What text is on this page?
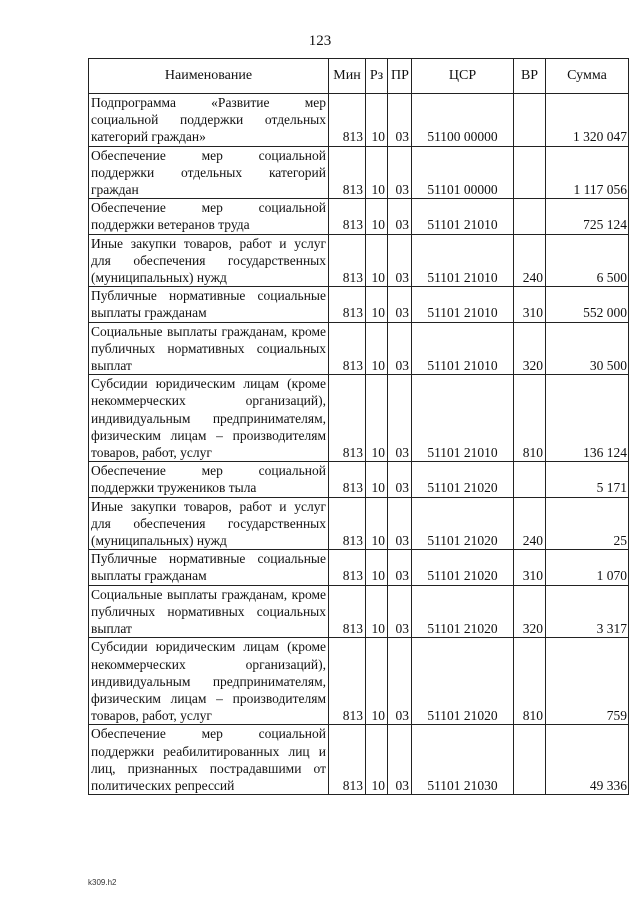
123
Наименование	Мин	Рз	ПР	ЦСР	ВР	Сумма
Подпрограмма «Развитие мер социальной поддержки отдельных категорий граждан»	813	10	03	51100 00000		1 320 047
Обеспечение мер социальной поддержки отдельных категорий граждан	813	10	03	51101 00000		1 117 056
Обеспечение мер социальной поддержки ветеранов труда	813	10	03	51101 21010		725 124
Иные закупки товаров, работ и услуг для обеспечения государственных (муниципальных) нужд	813	10	03	51101 21010	240	6 500
Публичные нормативные социальные выплаты гражданам	813	10	03	51101 21010	310	552 000
Социальные выплаты гражданам, кроме публичных нормативных социальных выплат	813	10	03	51101 21010	320	30 500
Субсидии юридическим лицам (кроме некоммерческих организаций), индивидуальным предпринимателям, физическим лицам – производителям товаров, работ, услуг	813	10	03	51101 21010	810	136 124
Обеспечение мер социальной поддержки тружеников тыла	813	10	03	51101 21020		5 171
Иные закупки товаров, работ и услуг для обеспечения государственных (муниципальных) нужд	813	10	03	51101 21020	240	25
Публичные нормативные социальные выплаты гражданам	813	10	03	51101 21020	310	1 070
Социальные выплаты гражданам, кроме публичных нормативных социальных выплат	813	10	03	51101 21020	320	3 317
Субсидии юридическим лицам (кроме некоммерческих организаций), индивидуальным предпринимателям, физическим лицам – производителям товаров, работ, услуг	813	10	03	51101 21020	810	759
Обеспечение мер социальной поддержки реабилитированных лиц и лиц, признанных пострадавшими от политических репрессий	813	10	03	51101 21030		49 336
k309.h2
